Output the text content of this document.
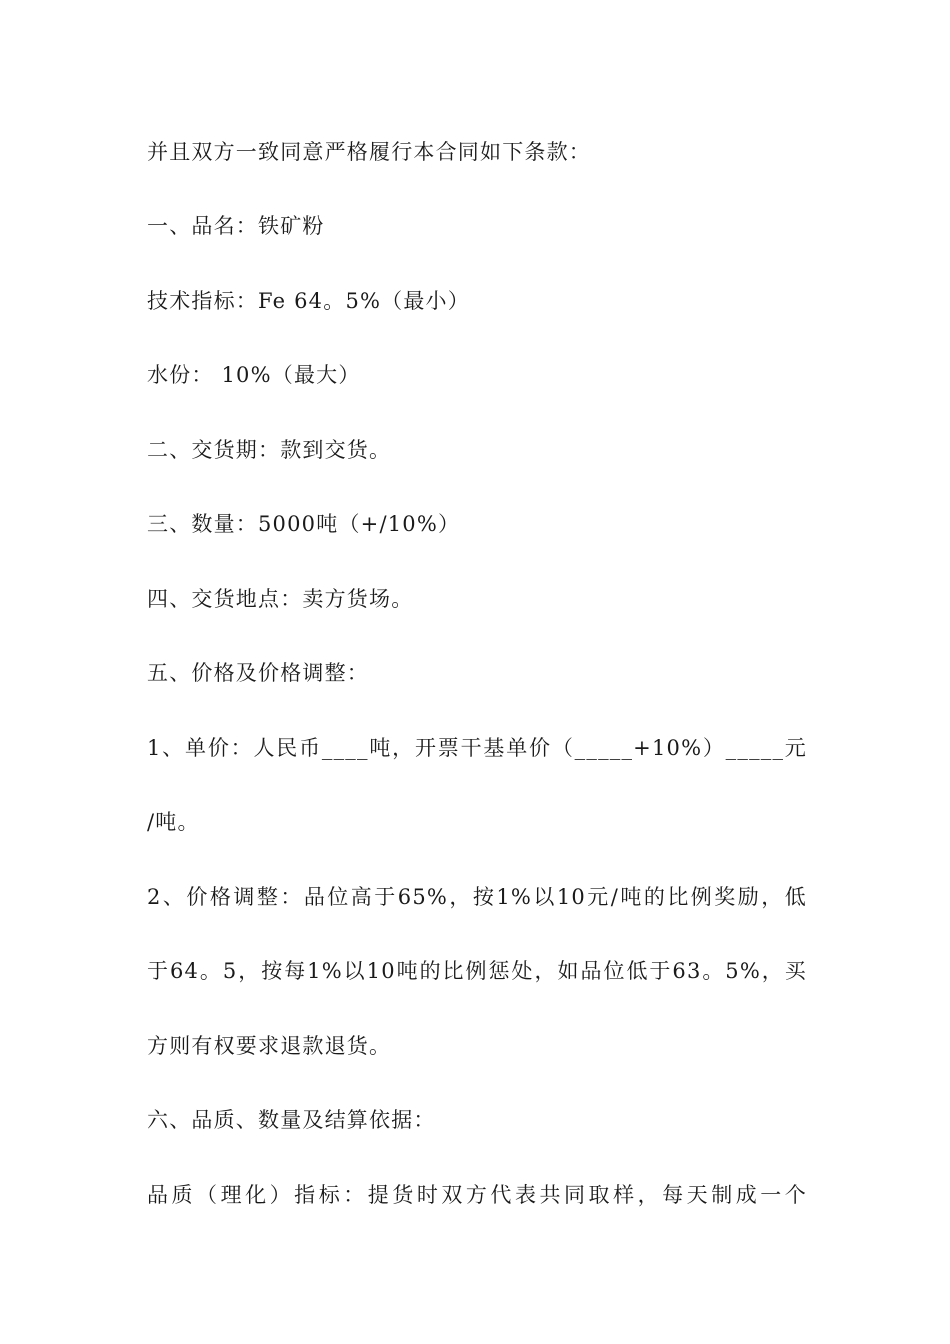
并且双方一致同意严格履行本合同如下条款：
一、品名：铁矿粉
技术指标：Fe 64。5%（最小）
水份： 10%（最大）
二、交货期：款到交货。
三、数量：5000吨（+/10%）
四、交货地点：卖方货场。
五、价格及价格调整：
1、单价：人民币____吨，开票干基单价（_____+10%）_____元
/吨。
2、价格调整：品位高于65%，按1%以10元/吨的比例奖励，低
于64。5，按每1%以10吨的比例惩处，如品位低于63。5%，买
方则有权要求退款退货。
六、品质、数量及结算依据：
品质（理化）指标：提货时双方代表共同取样，每天制成一个
